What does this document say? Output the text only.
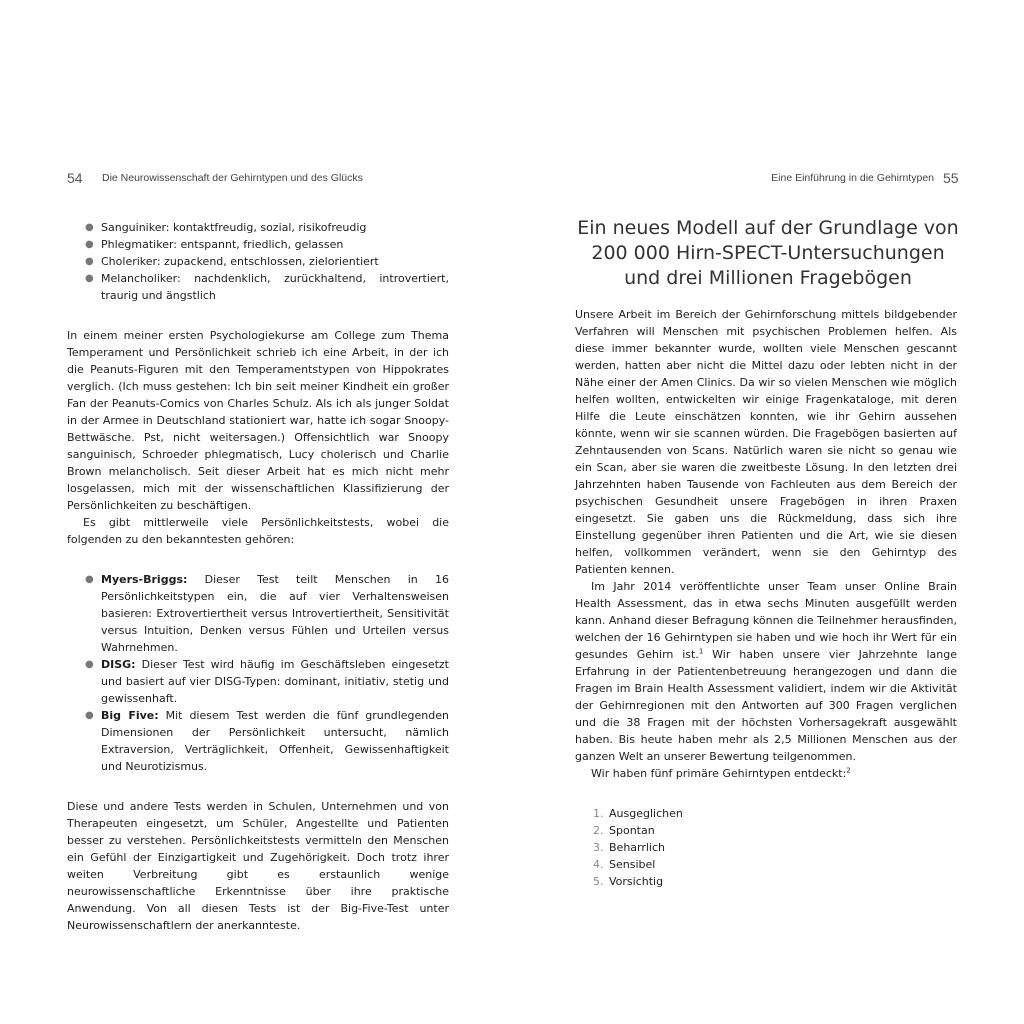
54 Die Neurowissenschaft der Gehirntypen und des Glücks
● Sanguiniker: kontaktfreudig, sozial, risikofreudig
● Phlegmatiker: entspannt, friedlich, gelassen
● Choleriker: zupackend, entschlossen, zielorientiert
● Melancholiker: nachdenklich, zurückhaltend, introvertiert, traurig und ängstlich

In einem meiner ersten Psychologiekurse am College zum Thema Temperament und Persönlichkeit schrieb ich eine Arbeit, in der ich die Peanuts-Figuren mit den Temperamentstypen von Hippokrates verglich. (Ich muss gestehen: Ich bin seit meiner Kindheit ein großer Fan der Peanuts-Comics von Charles Schulz. Als ich als junger Soldat in der Armee in Deutschland stationiert war, hatte ich sogar Snoopy-Bettwäsche. Pst, nicht weitersagen.) Offensichtlich war Snoopy sanguinisch, Schroeder phlegmatisch, Lucy cholerisch und Charlie Brown melancholisch. Seit dieser Arbeit hat es mich nicht mehr losgelassen, mich mit der wissenschaftlichen Klassifizierung der Persönlichkeiten zu beschäftigen.

Es gibt mittlerweile viele Persönlichkeitstests, wobei die folgenden zu den bekanntesten gehören:

● Myers-Briggs: Dieser Test teilt Menschen in 16 Persönlichkeitstypen ein, die auf vier Verhaltensweisen basieren: Extrovertiertheit versus Introvertiertheit, Sensitivität versus Intuition, Denken versus Fühlen und Urteilen versus Wahrnehmen.
● DISG: Dieser Test wird häufig im Geschäftsleben eingesetzt und basiert auf vier DISG-Typen: dominant, initiativ, stetig und gewissenhaft.
● Big Five: Mit diesem Test werden die fünf grundlegenden Dimensionen der Persönlichkeit untersucht, nämlich Extraversion, Verträglichkeit, Offenheit, Gewissenhaftigkeit und Neurotizismus.

Diese und andere Tests werden in Schulen, Unternehmen und von Therapeuten eingesetzt, um Schüler, Angestellte und Patienten besser zu verstehen. Persönlichkeitstests vermitteln den Menschen ein Gefühl der Einzigartigkeit und Zugehörigkeit. Doch trotz ihrer weiten Verbreitung gibt es erstaunlich wenige neurowissenschaftliche Erkenntnisse über ihre praktische Anwendung. Von all diesen Tests ist der Big-Five-Test unter Neurowissenschaftlern der anerkannteste.

Eine Einführung in die Gehirntypen 55
Ein neues Modell auf der Grundlage von
200 000 Hirn-SPECT-Untersuchungen
und drei Millionen Fragebögen

Unsere Arbeit im Bereich der Gehirnforschung mittels bildgebender Verfahren will Menschen mit psychischen Problemen helfen. Als diese immer bekannter wurde, wollten viele Menschen gescannt werden, hatten aber nicht die Mittel dazu oder lebten nicht in der Nähe einer der Amen Clinics. Da wir so vielen Menschen wie möglich helfen wollten, entwickelten wir einige Fragenkataloge, mit deren Hilfe die Leute einschätzen konnten, wie ihr Gehirn aussehen könnte, wenn wir sie scannen würden. Die Fragebögen basierten auf Zehntausenden von Scans. Natürlich waren sie nicht so genau wie ein Scan, aber sie waren die zweitbeste Lösung. In den letzten drei Jahrzehnten haben Tausende von Fachleuten aus dem Bereich der psychischen Gesundheit unsere Fragebögen in ihren Praxen eingesetzt. Sie gaben uns die Rückmeldung, dass sich ihre Einstellung gegenüber ihren Patienten und die Art, wie sie diesen helfen, vollkommen verändert, wenn sie den Gehirntyp des Patienten kennen.

Im Jahr 2014 veröffentlichte unser Team unser Online Brain Health Assessment, das in etwa sechs Minuten ausgefüllt werden kann. Anhand dieser Befragung können die Teilnehmer herausfinden, welchen der 16 Gehirntypen sie haben und wie hoch ihr Wert für ein gesundes Gehirn ist.$^1$ Wir haben unsere vier Jahrzehnte lange Erfahrung in der Patientenbetreuung herangezogen und dann die Fragen im Brain Health Assessment validiert, indem wir die Aktivität der Gehirnregionen mit den Antworten auf 300 Fragen verglichen und die 38 Fragen mit der höchsten Vorhersagekraft ausgewählt haben. Bis heute haben mehr als 2,5 Millionen Menschen aus der ganzen Welt an unserer Bewertung teilgenommen.

Wir haben fünf primäre Gehirntypen entdeckt:$^2$

1. Ausgeglichen
2. Spontan
3. Beharrlich
4. Sensibel
5. Vorsichtig
